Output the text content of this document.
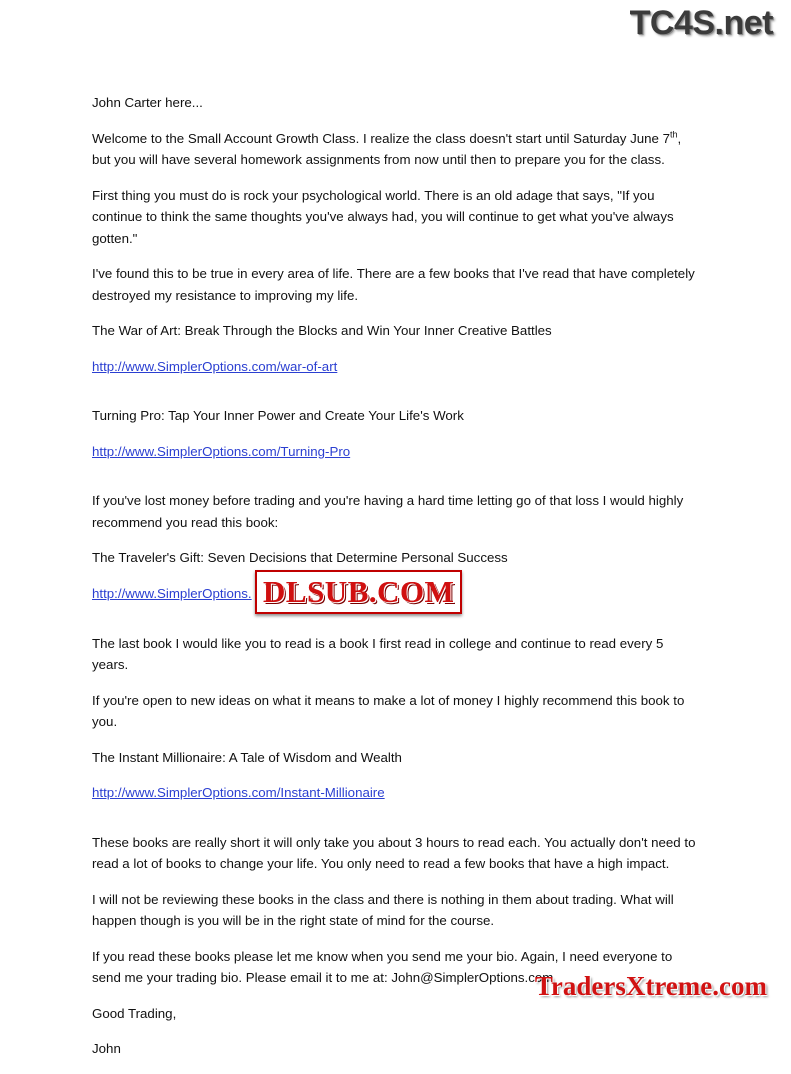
TC4S.net

John Carter here...

Welcome to the Small Account Growth Class. I realize the class doesn't start until Saturday June 7th, but you will have several homework assignments from now until then to prepare you for the class.

First thing you must do is rock your psychological world. There is an old adage that says, "If you continue to think the same thoughts you've always had, you will continue to get what you've always gotten."

I've found this to be true in every area of life. There are a few books that I've read that have completely destroyed my resistance to improving my life.

The War of Art: Break Through the Blocks and Win Your Inner Creative Battles

http://www.SimplerOptions.com/war-of-art

Turning Pro: Tap Your Inner Power and Create Your Life's Work

http://www.SimplerOptions.com/Turning-Pro

If you've lost money before trading and you're having a hard time letting go of that loss I would highly recommend you read this book:

The Traveler's Gift: Seven Decisions that Determine Personal Success

http://www.SimplerOptions. DLSUB.COM

The last book I would like you to read is a book I first read in college and continue to read every 5 years.

If you're open to new ideas on what it means to make a lot of money I highly recommend this book to you.

The Instant Millionaire: A Tale of Wisdom and Wealth

http://www.SimplerOptions.com/Instant-Millionaire

These books are really short it will only take you about 3 hours to read each. You actually don't need to read a lot of books to change your life. You only need to read a few books that have a high impact.

I will not be reviewing these books in the class and there is nothing in them about trading. What will happen though is you will be in the right state of mind for the course.

If you read these books please let me know when you send me your bio. Again, I need everyone to send me your trading bio. Please email it to me at: John@SimplerOptions.com

Good Trading,

John

TradersXtreme.com
